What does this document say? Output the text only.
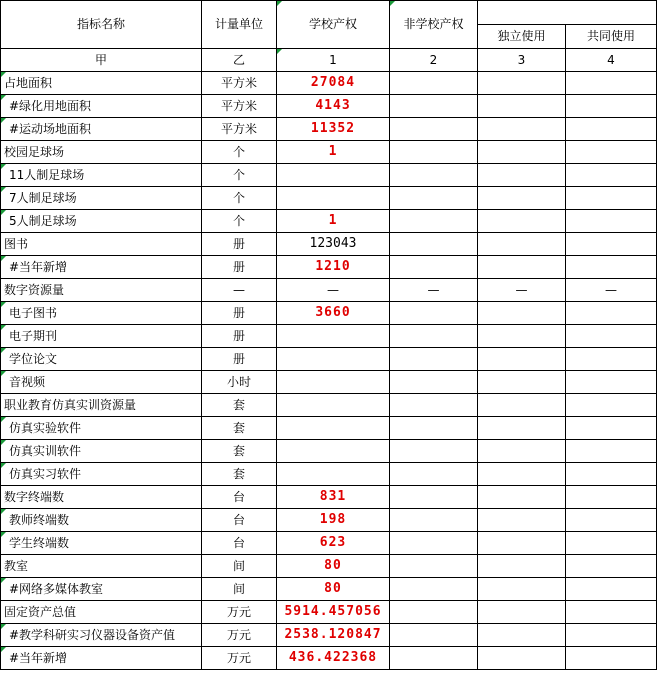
指标名称	计量单位	学校产权	非学校产权		
				独立使用	共同使用
甲	乙	1	2	3	4
占地面积	平方米	27084			
#绿化用地面积	平方米	4143			
#运动场地面积	平方米	11352			
校园足球场	个	1			
11人制足球场	个				
7人制足球场	个				
5人制足球场	个	1			
图书	册	123043			
#当年新增	册	1210			
数字资源量	—	—	—	—	—
电子图书	册	3660			
电子期刊	册				
学位论文	册				
音视频	小时				
职业教育仿真实训资源量	套				
仿真实验软件	套				
仿真实训软件	套				
仿真实习软件	套				
数字终端数	台	831			
教师终端数	台	198			
学生终端数	台	623			
教室	间	80			
#网络多媒体教室	间	80			
固定资产总值	万元	5914.457056			
#教学科研实习仪器设备资产值	万元	2538.120847			
#当年新增	万元	436.422368			
